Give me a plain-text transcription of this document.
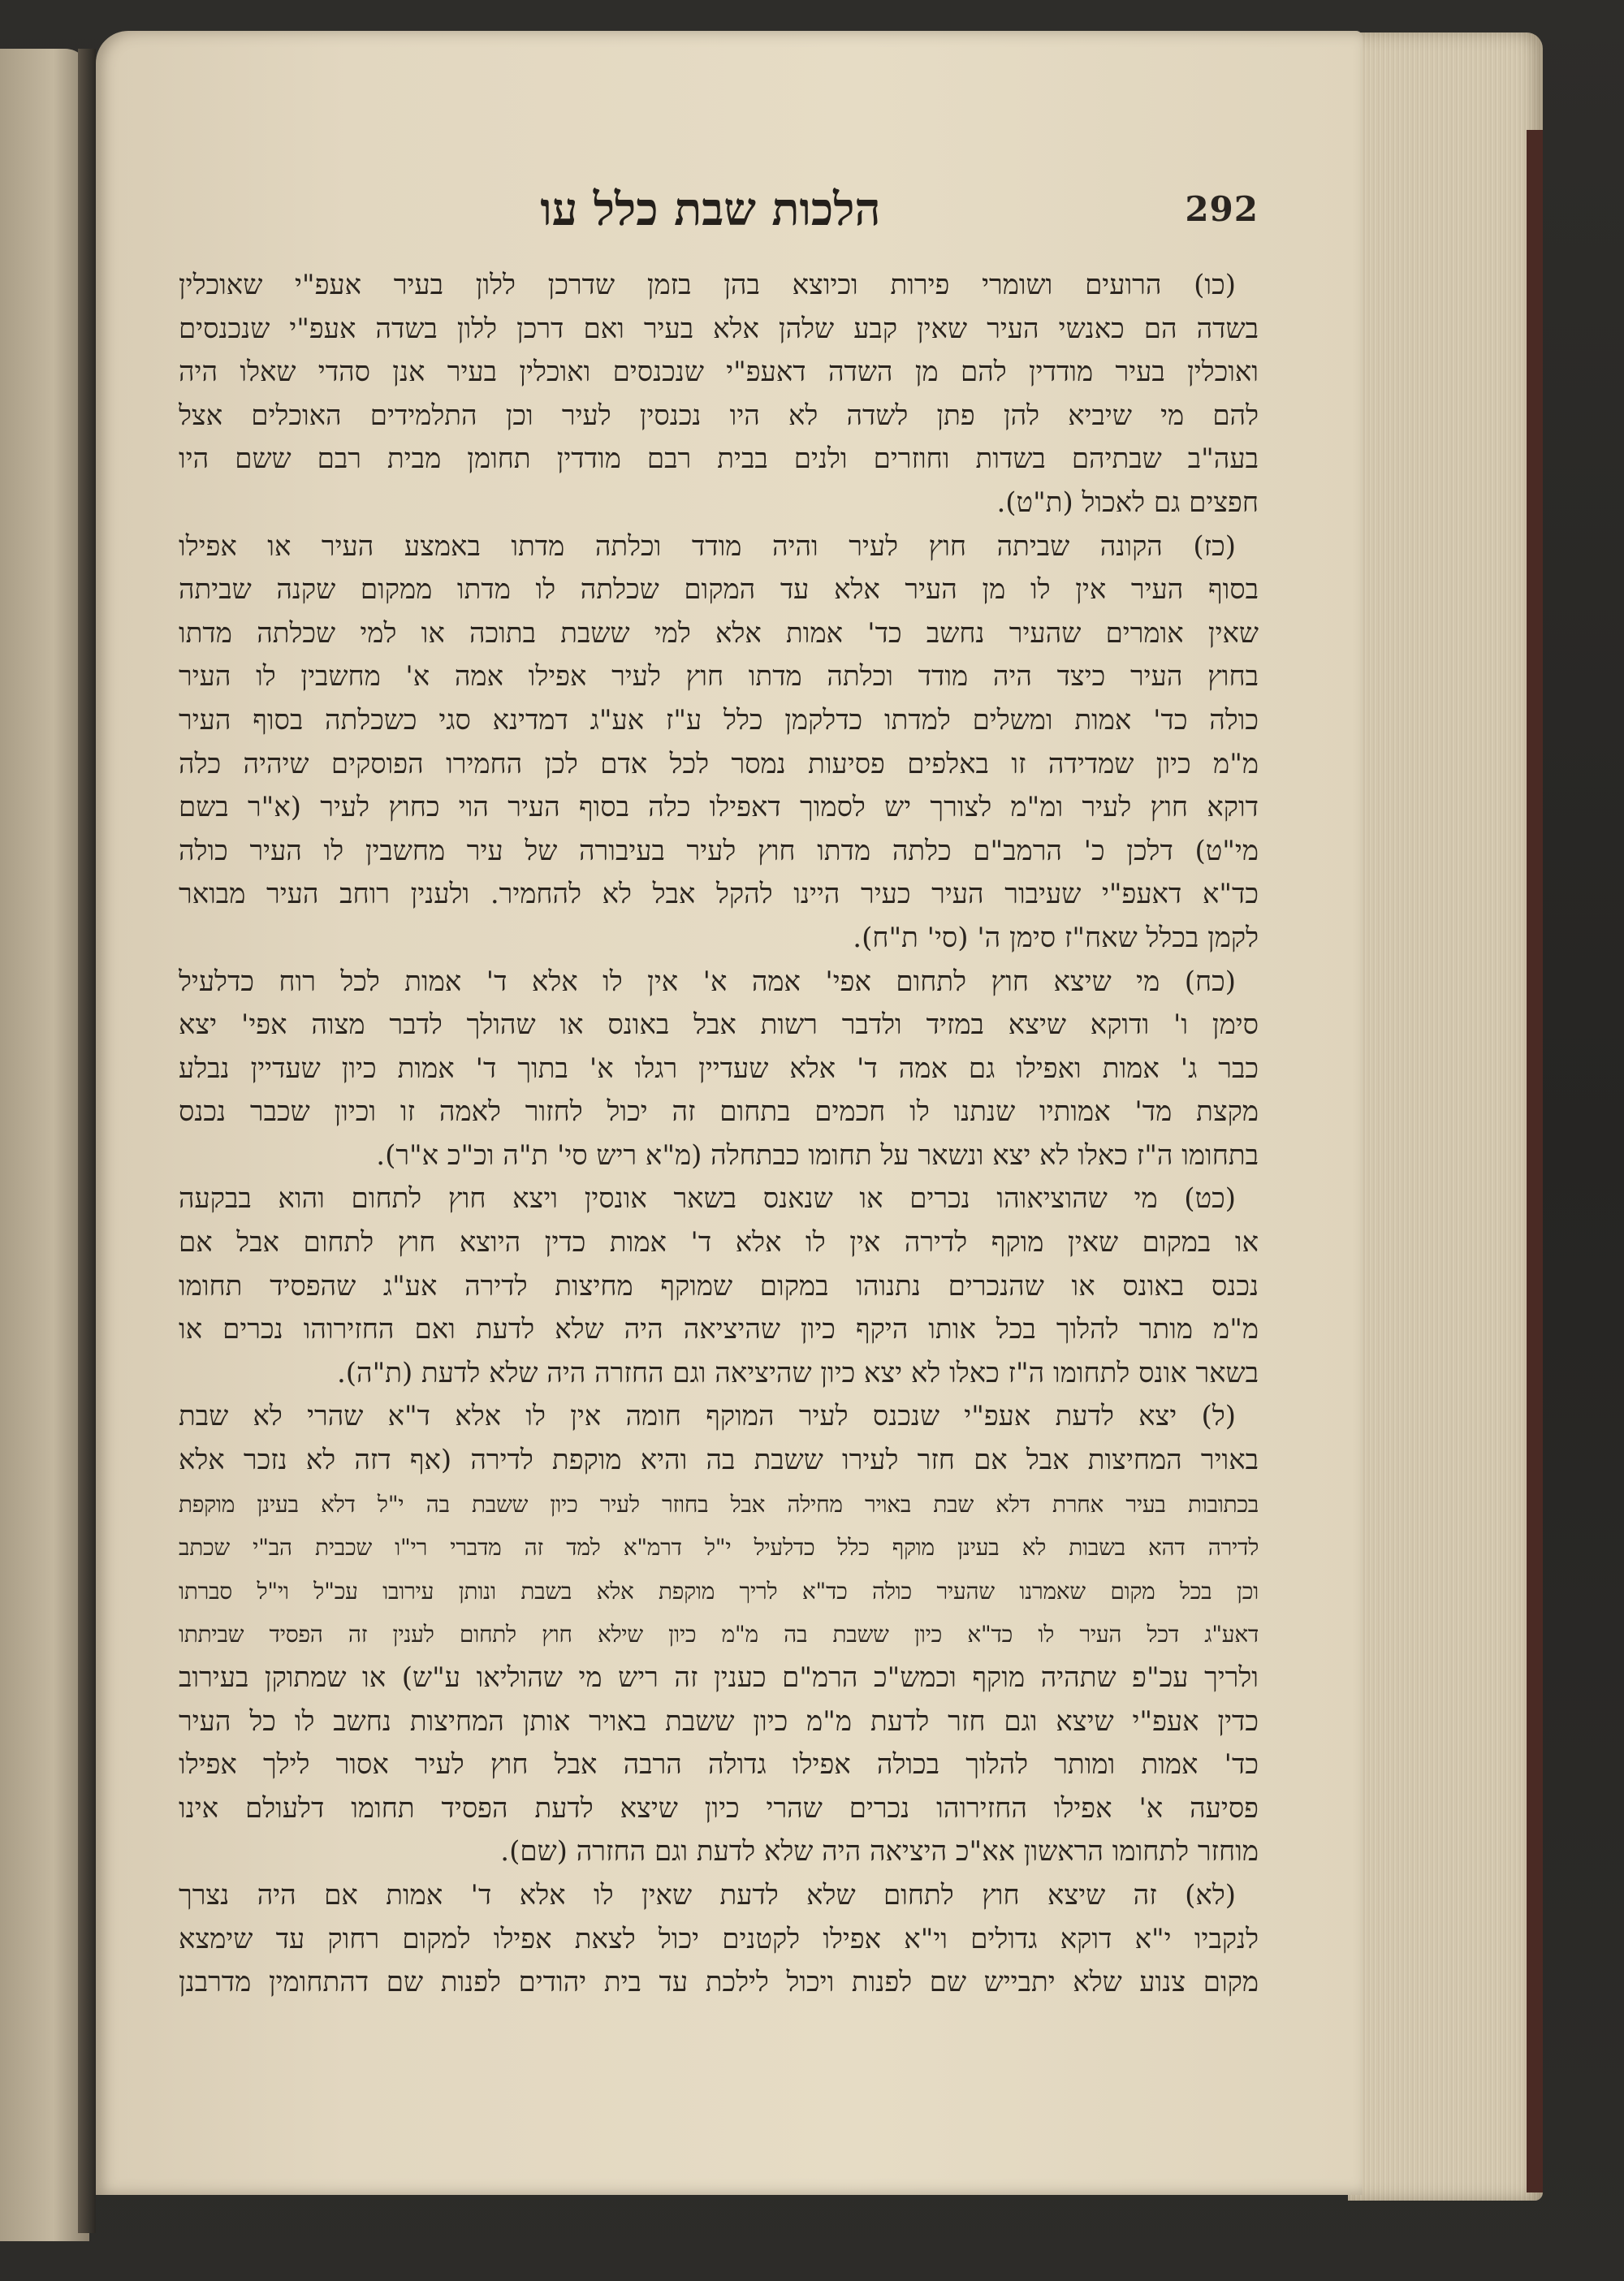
הלכות שבת כלל עו	292
(כו) הרועים ושומרי פירות וכיוצא בהן בזמן שדרכן ללון בעיר אעפ"י שאוכלין
בשדה הם כאנשי העיר שאין קבע שלהן אלא בעיר ואם דרכן ללון בשדה אעפ"י שנכנסים
ואוכלין בעיר מודדין להם מן השדה דאעפ"י שנכנסים ואוכלין בעיר אנן סהדי שאלו היה
להם מי שיביא להן פתן לשדה לא היו נכנסין לעיר וכן התלמידים האוכלים אצל
בעה"ב שבתיהם בשדות וחוזרים ולנים בבית רבם מודדין תחומן מבית רבם ששם היו
חפצים גם לאכול (ת"ט).
(כז) הקונה שביתה חוץ לעיר והיה מודד וכלתה מדתו באמצע העיר או אפילו
בסוף העיר אין לו מן העיר אלא עד המקום שכלתה לו מדתו ממקום שקנה שביתה
שאין אומרים שהעיר נחשב כד' אמות אלא למי ששבת בתוכה או למי שכלתה מדתו
בחוץ העיר כיצד היה מודד וכלתה מדתו חוץ לעיר אפילו אמה א' מחשבין לו העיר
כולה כד' אמות ומשלים למדתו כדלקמן כלל ע"ז אע"ג דמדינא סגי כשכלתה בסוף העיר
מ"מ כיון שמדידה זו באלפים פסיעות נמסר לכל אדם לכן החמירו הפוסקים שיהיה כלה
דוקא חוץ לעיר ומ"מ לצורך יש לסמוך דאפילו כלה בסוף העיר הוי כחוץ לעיר (א"ר בשם
מי"ט) דלכן כ' הרמב"ם כלתה מדתו חוץ לעיר בעיבורה של עיר מחשבין לו העיר כולה
כד"א דאעפ"י שעיבור העיר כעיר היינו להקל אבל לא להחמיר. ולענין רוחב העיר מבואר
לקמן בכלל שאח"ז סימן ה' (סי' ת"ח).
(כח) מי שיצא חוץ לתחום אפי' אמה א' אין לו אלא ד' אמות לכל רוח כדלעיל
סימן ו' ודוקא שיצא במזיד ולדבר רשות אבל באונס או שהולך לדבר מצוה אפי' יצא
כבר ג' אמות ואפילו גם אמה ד' אלא שעדיין רגלו א' בתוך ד' אמות כיון שעדיין נבלע
מקצת מד' אמותיו שנתנו לו חכמים בתחום זה יכול לחזור לאמה זו וכיון שכבר נכנס
בתחומו ה"ז כאלו לא יצא ונשאר על תחומו כבתחלה (מ"א ריש סי' ת"ה וכ"כ א"ר).
(כט) מי שהוציאוהו נכרים או שנאנס בשאר אונסין ויצא חוץ לתחום והוא בבקעה
או במקום שאין מוקף לדירה אין לו אלא ד' אמות כדין היוצא חוץ לתחום אבל אם
נכנס באונס או שהנכרים נתנוהו במקום שמוקף מחיצות לדירה אע"ג שהפסיד תחומו
מ"מ מותר להלוך בכל אותו היקף כיון שהיציאה היה שלא לדעת ואם החזירוהו נכרים או
בשאר אונס לתחומו ה"ז כאלו לא יצא כיון שהיציאה וגם החזרה היה שלא לדעת (ת"ה).
(ל) יצא לדעת אעפ"י שנכנס לעיר המוקף חומה אין לו אלא ד"א שהרי לא שבת
באויר המחיצות אבל אם חזר לעירו ששבת בה והיא מוקפת לדירה (אף דזה לא נזכר אלא
בכתובות בעיר אחרת דלא שבת באויר מחילה אבל בחוזר לעיר כיון ששבת בה י"ל דלא בעינן מוקפת
לדירה דהא בשבות לא בעינן מוקף כלל כדלעיל י"ל דרמ"א למד זה מדברי רי"ו שכבית הב"י שכתב
וכן בכל מקום שאמרנו שהעיר כולה כד"א לריך מוקפת אלא בשבת ונותן עירובו עכ"ל וי"ל סברתו
דאע"ג דכל העיר לו כד"א כיון ששבת בה מ"מ כיון שילא חוץ לתחום לענין זה הפסיד שביתתו
ולריך עכ"פ שתהיה מוקף וכמש"כ הרמ"ם כענין זה ריש מי שהוליאו ע"ש) או שמתוקן בעירוב
כדין אעפ"י שיצא וגם חזר לדעת מ"מ כיון ששבת באויר אותן המחיצות נחשב לו כל העיר
כד' אמות ומותר להלוך בכולה אפילו גדולה הרבה אבל חוץ לעיר אסור לילך אפילו
פסיעה א' אפילו החזירוהו נכרים שהרי כיון שיצא לדעת הפסיד תחומו דלעולם אינו
מוחזר לתחומו הראשון אא"כ היציאה היה שלא לדעת וגם החזרה (שם).
(לא) זה שיצא חוץ לתחום שלא לדעת שאין לו אלא ד' אמות אם היה נצרך
לנקביו י"א דוקא גדולים וי"א אפילו לקטנים יכול לצאת אפילו למקום רחוק עד שימצא
מקום צנוע שלא יתבייש שם לפנות ויכול לילכת עד בית יהודים לפנות שם דהתחומין מדרבנן
